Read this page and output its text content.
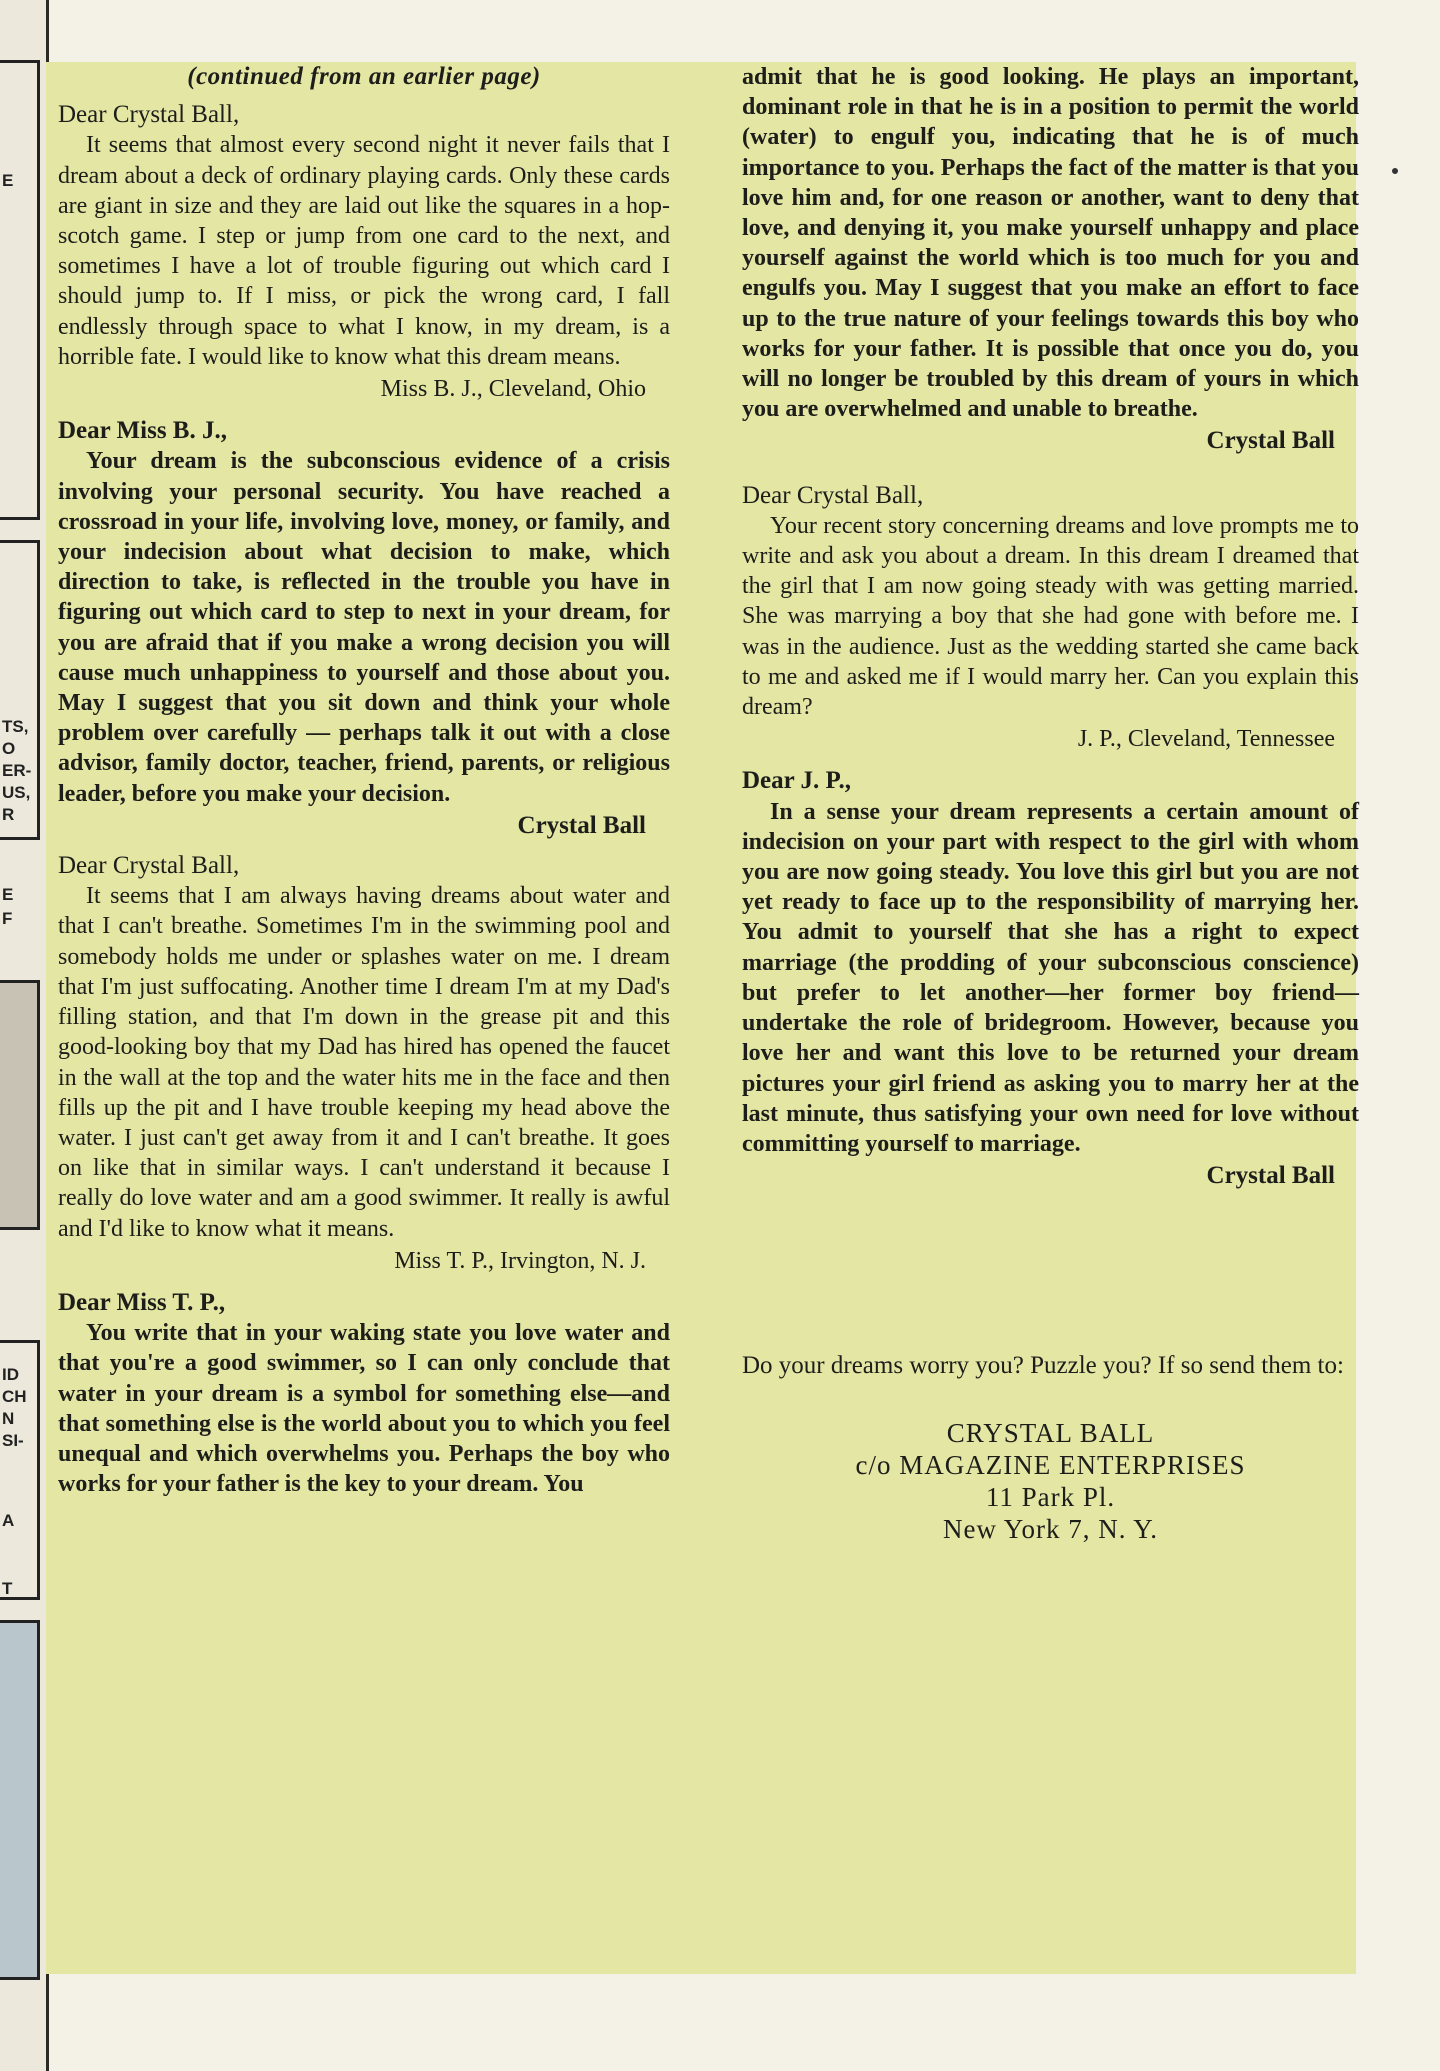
E
TS,
O
ER-
US,
R
E
F
ID
CH
N
SI-
A
T

(continued from an earlier page)

Dear Crystal Ball,

It seems that almost every second night it never fails that I dream about a deck of ordinary playing cards. Only these cards are giant in size and they are laid out like the squares in a hop-scotch game. I step or jump from one card to the next, and sometimes I have a lot of trouble figuring out which card I should jump to. If I miss, or pick the wrong card, I fall endlessly through space to what I know, in my dream, is a horrible fate. I would like to know what this dream means.

Miss B. J., Cleveland, Ohio

Dear Miss B. J.,

Your dream is the subconscious evidence of a crisis involving your personal security. You have reached a crossroad in your life, involving love, money, or family, and your indecision about what decision to make, which direction to take, is reflected in the trouble you have in figuring out which card to step to next in your dream, for you are afraid that if you make a wrong decision you will cause much unhappiness to yourself and those about you. May I suggest that you sit down and think your whole problem over carefully — perhaps talk it out with a close advisor, family doctor, teacher, friend, parents, or religious leader, before you make your decision.

Crystal Ball

Dear Crystal Ball,

It seems that I am always having dreams about water and that I can't breathe. Sometimes I'm in the swimming pool and somebody holds me under or splashes water on me. I dream that I'm just suffocating. Another time I dream I'm at my Dad's filling station, and that I'm down in the grease pit and this good-looking boy that my Dad has hired has opened the faucet in the wall at the top and the water hits me in the face and then fills up the pit and I have trouble keeping my head above the water. I just can't get away from it and I can't breathe. It goes on like that in similar ways. I can't understand it because I really do love water and am a good swimmer. It really is awful and I'd like to know what it means.

Miss T. P., Irvington, N. J.

Dear Miss T. P.,

You write that in your waking state you love water and that you're a good swimmer, so I can only conclude that water in your dream is a symbol for something else—and that something else is the world about you to which you feel unequal and which overwhelms you. Perhaps the boy who works for your father is the key to your dream. You

admit that he is good looking. He plays an important, dominant role in that he is in a position to permit the world (water) to engulf you, indicating that he is of much importance to you. Perhaps the fact of the matter is that you love him and, for one reason or another, want to deny that love, and denying it, you make yourself unhappy and place yourself against the world which is too much for you and engulfs you. May I suggest that you make an effort to face up to the true nature of your feelings towards this boy who works for your father. It is possible that once you do, you will no longer be troubled by this dream of yours in which you are overwhelmed and unable to breathe.

Crystal Ball

Dear Crystal Ball,

Your recent story concerning dreams and love prompts me to write and ask you about a dream. In this dream I dreamed that the girl that I am now going steady with was getting married. She was marrying a boy that she had gone with before me. I was in the audience. Just as the wedding started she came back to me and asked me if I would marry her. Can you explain this dream?

J. P., Cleveland, Tennessee

Dear J. P.,

In a sense your dream represents a certain amount of indecision on your part with respect to the girl with whom you are now going steady. You love this girl but you are not yet ready to face up to the responsibility of marrying her. You admit to yourself that she has a right to expect marriage (the prodding of your subconscious conscience) but prefer to let another—her former boy friend—undertake the role of bridegroom. However, because you love her and want this love to be returned your dream pictures your girl friend as asking you to marry her at the last minute, thus satisfying your own need for love without committing yourself to marriage.

Crystal Ball

Do your dreams worry you? Puzzle you? If so send them to:

CRYSTAL BALL
c/o MAGAZINE ENTERPRISES
11 Park Pl.
New York 7, N. Y.
